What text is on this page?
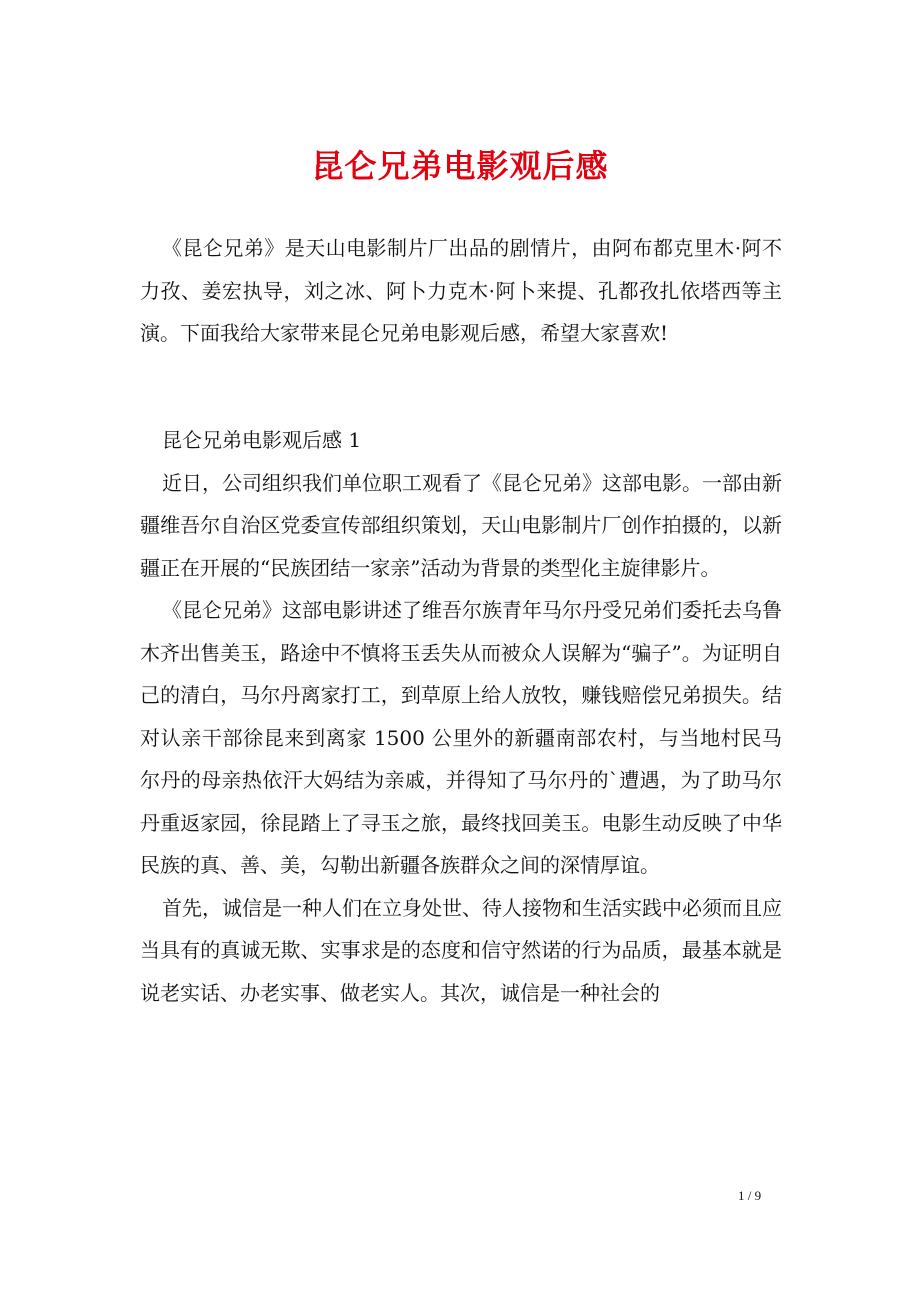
昆仑兄弟电影观后感

《昆仑兄弟》是天山电影制片厂出品的剧情片，由阿布都克里木·阿不力孜、姜宏执导，刘之冰、阿卜力克木·阿卜来提、孔都孜扎依塔西等主演。下面我给大家带来昆仑兄弟电影观后感，希望大家喜欢!

昆仑兄弟电影观后感 1

近日，公司组织我们单位职工观看了《昆仑兄弟》这部电影。一部由新疆维吾尔自治区党委宣传部组织策划，天山电影制片厂创作拍摄的，以新疆正在开展的“民族团结一家亲”活动为背景的类型化主旋律影片。

《昆仑兄弟》这部电影讲述了维吾尔族青年马尔丹受兄弟们委托去乌鲁木齐出售美玉，路途中不慎将玉丢失从而被众人误解为“骗子”。为证明自己的清白，马尔丹离家打工，到草原上给人放牧，赚钱赔偿兄弟损失。结对认亲干部徐昆来到离家 1500 公里外的新疆南部农村，与当地村民马尔丹的母亲热依汗大妈结为亲戚，并得知了马尔丹的`遭遇，为了助马尔丹重返家园，徐昆踏上了寻玉之旅，最终找回美玉。电影生动反映了中华民族的真、善、美，勾勒出新疆各族群众之间的深情厚谊。

首先，诚信是一种人们在立身处世、待人接物和生活实践中必须而且应当具有的真诚无欺、实事求是的态度和信守然诺的行为品质，最基本就是说老实话、办老实事、做老实人。其次，诚信是一种社会的

1 / 9
